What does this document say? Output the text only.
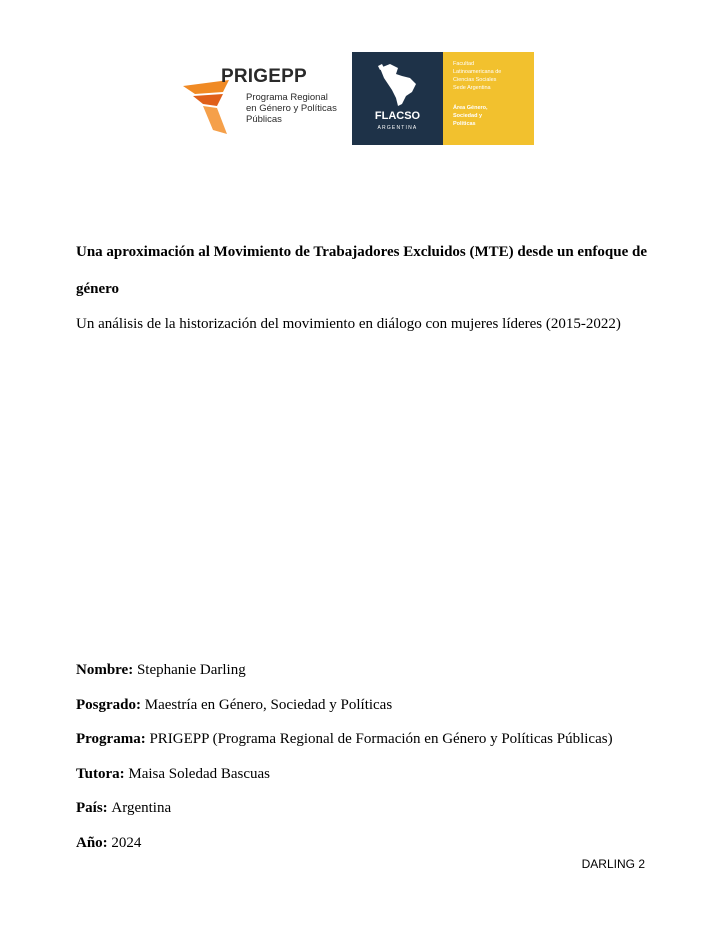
PRIGEPP
Programa Regional
en Género y Políticas
Públicas	FLACSO
ARGENTINA
Facultad
Latinoamericana de
Ciencias Sociales
Sede Argentina
Área Género,
Sociedad y
Políticas
Una aproximación al Movimiento de Trabajadores Excluidos (MTE) desde un enfoque de género

Un análisis de la historización del movimiento en diálogo con mujeres líderes (2015-2022)

Nombre: Stephanie Darling
Posgrado: Maestría en Género, Sociedad y Políticas
Programa: PRIGEPP (Programa Regional de Formación en Género y Políticas Públicas)
Tutora: Maisa Soledad Bascuas
País: Argentina
Año: 2024
DARLING 2
